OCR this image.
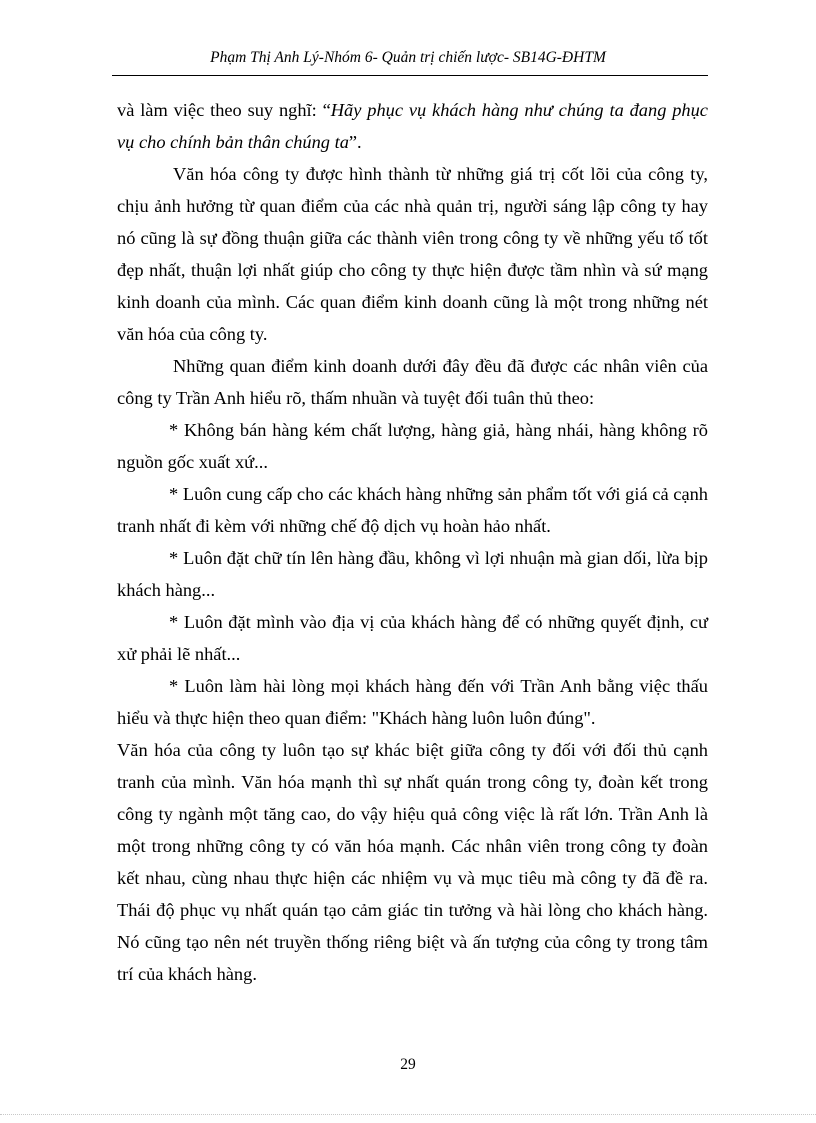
Phạm Thị Anh Lý-Nhóm 6- Quản trị chiến lược- SB14G-ĐHTM

và làm việc theo suy nghĩ: “Hãy phục vụ khách hàng như chúng ta đang phục vụ cho chính bản thân chúng ta”.

Văn hóa công ty được hình thành từ những giá trị cốt lõi của công ty, chịu ảnh hưởng từ quan điểm của các nhà quản trị, người sáng lập công ty hay nó cũng là sự đồng thuận giữa các thành viên trong công ty về những yếu tố tốt đẹp nhất, thuận lợi nhất giúp cho công ty thực hiện được tầm nhìn và sứ mạng kinh doanh của mình. Các quan điểm kinh doanh cũng là một trong những nét văn hóa của công ty.

Những quan điểm kinh doanh dưới đây đều đã được các nhân viên của công ty Trần Anh hiểu rõ, thấm nhuần và tuyệt đối tuân thủ theo:

* Không bán hàng kém chất lượng, hàng giả, hàng nhái, hàng không rõ nguồn gốc xuất xứ...

* Luôn cung cấp cho các khách hàng những sản phẩm tốt với giá cả cạnh tranh nhất đi kèm với những chế độ dịch vụ hoàn hảo nhất.

* Luôn đặt chữ tín lên hàng đầu, không vì lợi nhuận mà gian dối, lừa bịp khách hàng...

* Luôn đặt mình vào địa vị của khách hàng để có những quyết định, cư xử phải lẽ nhất...

* Luôn làm hài lòng mọi khách hàng đến với Trần Anh bằng việc thấu hiểu và thực hiện theo quan điểm: "Khách hàng luôn luôn đúng".

Văn hóa của công ty luôn tạo sự khác biệt giữa công ty đối với đối thủ cạnh tranh của mình. Văn hóa mạnh thì sự nhất quán trong công ty, đoàn kết trong công ty ngành một tăng cao, do vậy hiệu quả công việc là rất lớn. Trần Anh là một trong những công ty có văn hóa mạnh. Các nhân viên trong công ty đoàn kết nhau, cùng nhau thực hiện các nhiệm vụ và mục tiêu mà công ty đã đề ra. Thái độ phục vụ nhất quán tạo cảm giác tin tưởng và hài lòng cho khách hàng. Nó cũng tạo nên nét truyền thống riêng biệt và ấn tượng của công ty trong tâm trí của khách hàng.

29
